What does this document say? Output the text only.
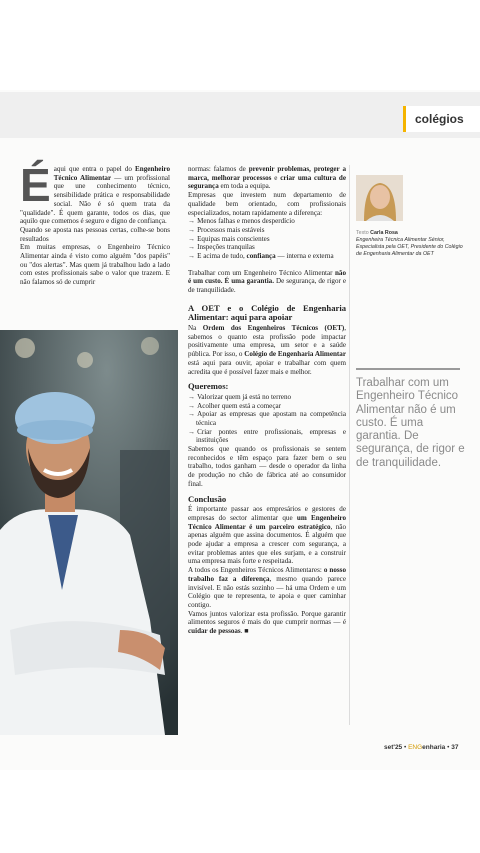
colégios
É aqui que entra o papel do Engenheiro Técnico Alimentar — um profissional que une conhecimento técnico, sensibilidade prática e responsabilidade social. Não é só quem trata da "qualidade". É quem garante, todos os dias, que aquilo que comemos é seguro e digno de confiança.

Quando se aposta nas pessoas certas, colhe-se bons resultados

Em muitas empresas, o Engenheiro Técnico Alimentar ainda é visto como alguém "dos papéis" ou "dos alertas". Mas quem já trabalhou lado a lado com estes profissionais sabe o valor que trazem. E não falamos só de cumprir

normas: falamos de prevenir problemas, proteger a marca, melhorar processos e criar uma cultura de segurança em toda a equipa.

Empresas que investem num departamento de qualidade bem orientado, com profissionais especializados, notam rapidamente a diferença:

→ Menos falhas e menos desperdício
→ Processos mais estáveis
→ Equipas mais conscientes
→ Inspeções tranquilas
→ E acima de tudo, confiança — interna e externa

Trabalhar com um Engenheiro Técnico Alimentar não é um custo. É uma garantia. De segurança, de rigor e de tranquilidade.

A OET e o Colégio de Engenharia Alimentar: aqui para apoiar

Na Ordem dos Engenheiros Técnicos (OET), sabemos o quanto esta profissão pode impactar positivamente uma empresa, um setor e a saúde pública. Por isso, o Colégio de Engenharia Alimentar está aqui para ouvir, apoiar e trabalhar com quem acredita que é possível fazer mais e melhor.

Queremos:
→ Valorizar quem já está no terreno
→ Acolher quem está a começar
→ Apoiar as empresas que apostam na competência técnica
→ Criar pontes entre profissionais, empresas e instituições

Sabemos que quando os profissionais se sentem reconhecidos e têm espaço para fazer bem o seu trabalho, todos ganham — desde o operador da linha de produção no chão de fábrica até ao consumidor final.

Conclusão

É importante passar aos empresários e gestores de empresas do sector alimentar que um Engenheiro Técnico Alimentar é um parceiro estratégico, não apenas alguém que assina documentos. É alguém que pode ajudar a empresa a crescer com segurança, a evitar problemas antes que eles surjam, e a construir uma empresa mais forte e respeitada.

A todos os Engenheiros Técnicos Alimentares: o nosso trabalho faz a diferença, mesmo quando parece invisível. E não estás sozinho — há uma Ordem e um Colégio que te representa, te apoia e quer caminhar contigo.

Vamos juntos valorizar esta profissão. Porque garantir alimentos seguros é mais do que cumprir normas — é cuidar de pessoas. ■

Texto Carla Rosa
Engenheira Técnica Alimentar Sénior, Especialista pela OET, Presidente do Colégio de Engenharia Alimentar da OET
Trabalhar com um Engenheiro Técnico Alimentar não é um custo. É uma garantia. De segurança, de rigor e de tranquilidade.
set'25 • ENGenharia • 37
